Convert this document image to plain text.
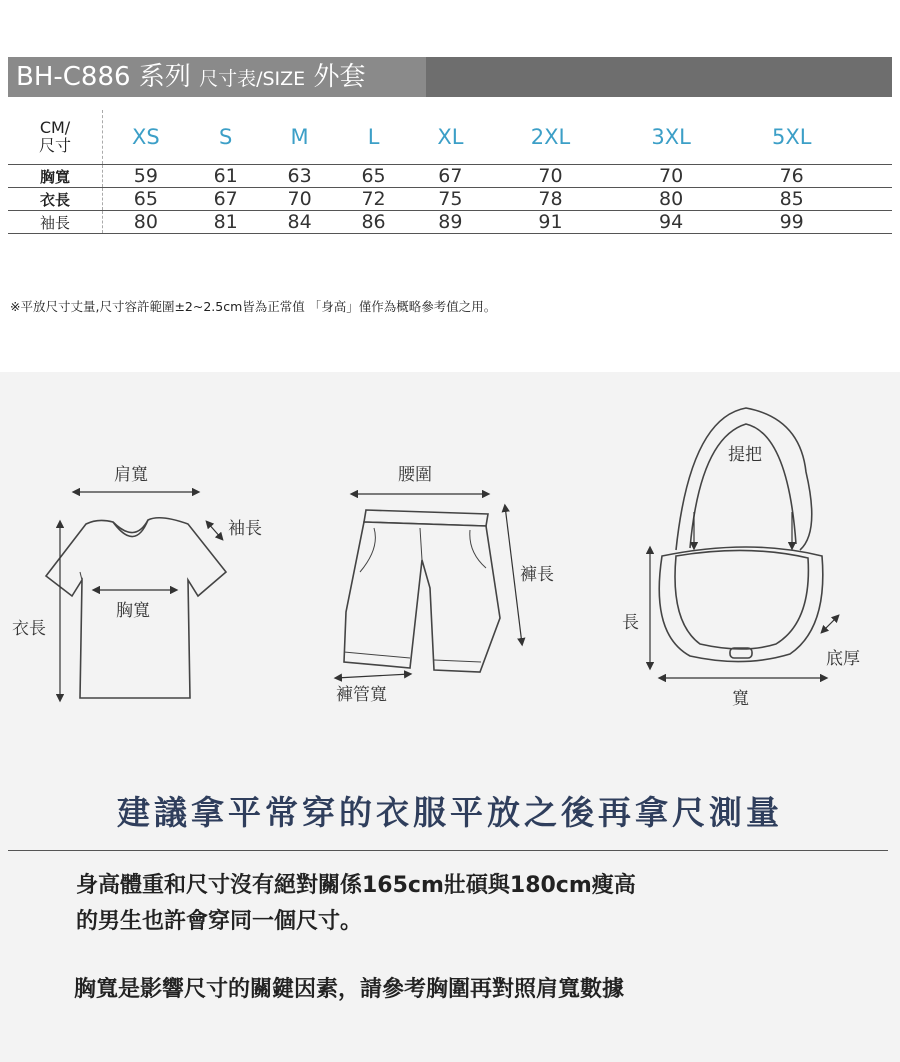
BH-C886 系列 尺寸表/SIZE 外套
CM/
尺寸	XS	S	M	L	XL	2XL	3XL	5XL	
胸寬	59	61	63	65	67	70	70	76	
衣長	65	67	70	72	75	78	80	85	
袖長	80	81	84	86	89	91	94	99	
※平放尺寸丈量,尺寸容許範圍±2~2.5cm皆為正常值 「身高」僅作為概略參考值之用。
肩寬
袖長
胸寬
衣長
腰圍
褲長
褲管寬
提把
長
底厚
寬
建議拿平常穿的衣服平放之後再拿尺測量
身高體重和尺寸沒有絕對關係165cm壯碩與180cm瘦高
的男生也許會穿同一個尺寸。
胸寬是影響尺寸的關鍵因素，請參考胸圍再對照肩寬數據
